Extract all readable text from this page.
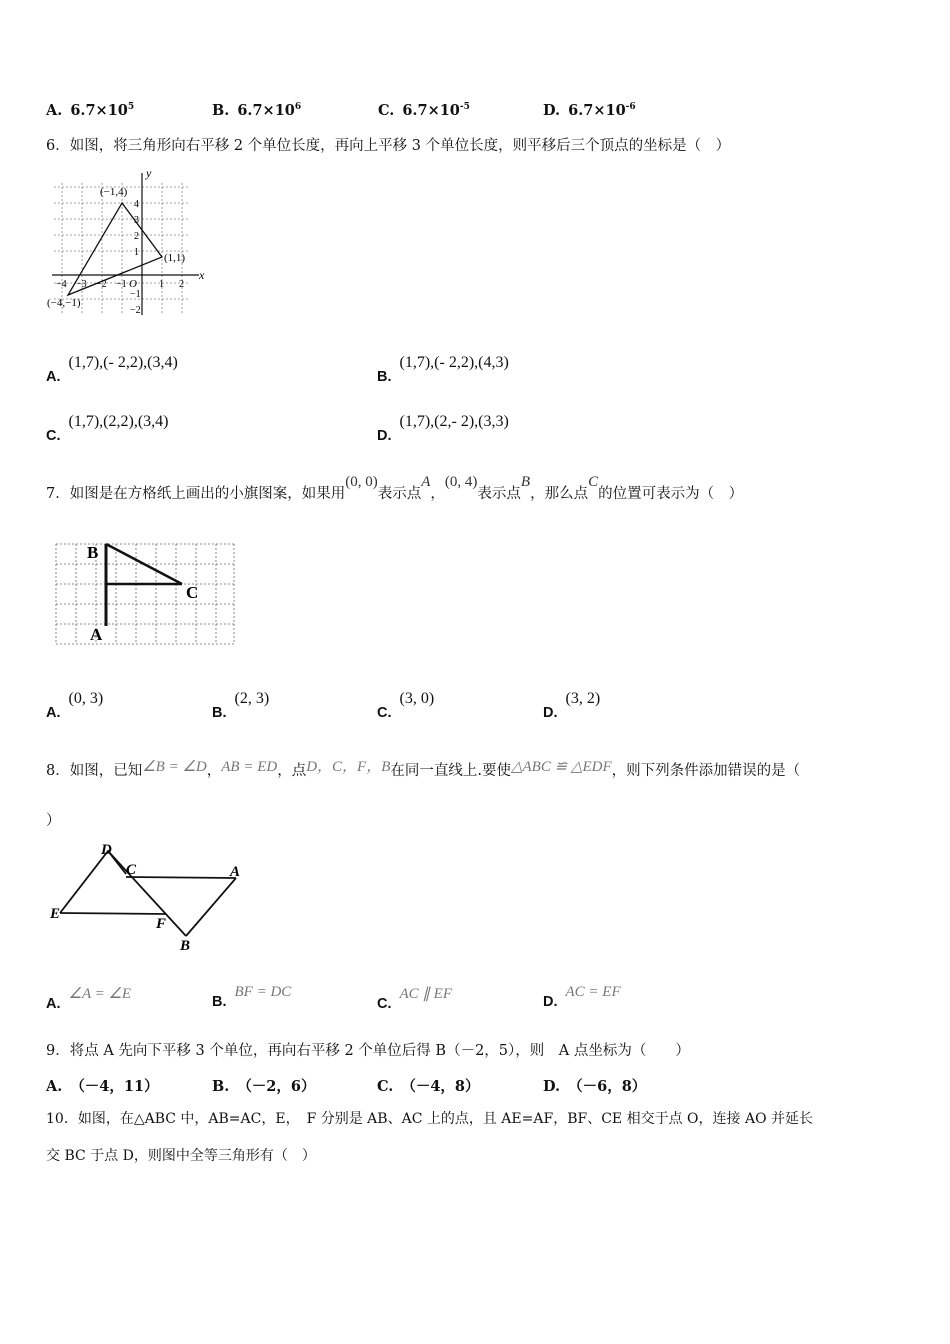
A. $6.7\times 10^5$	B. $6.7\times 10^6$	C. $6.7\times 10^{-5}$	D. $6.7\times 10^{-6}$
6．如图，将三角形向右平移 2 个单位长度，再向上平移 3 个单位长度，则平移后三个顶点的坐标是（　）
y
x
O
(−1,4)
(1,1)
(−4,−1)
−4 −3 −2 −1	1 2
4
3
2
1
−1
−2
A.(1,7),(- 2,2),(3,4)
B.(1,7),(- 2,2),(4,3)
C.(1,7),(2,2),(3,4)
D.(1,7),(2,- 2),(3,3)
7．如图是在方格纸上画出的小旗图案，如果用(0, 0)表示点A，(0, 4)表示点B，那么点C的位置可表示为（　）
B
C
A
A.(0, 3)
B.(2, 3)
C.(3, 0)
D.(3, 2)
8．如图，已知∠B = ∠D，AB = ED，点D，C，F，B在同一直线上.要使△ABC ≌ △EDF，则下列条件添加错误的是（
）
D
C	A
E
F
B
A.∠A = ∠E	B.BF = DC
C.AC ∥ EF	D.AC = EF
9．将点 A 先向下平移 3 个单位，再向右平移 2 个单位后得 B（－2，5），则　A 点坐标为（　　）
A. （－4，11）	B. （－2，6）	C. （－4，8）	D. （－6，8）
10．如图，在△ABC 中，AB=AC，E，　F 分别是 AB、AC 上的点，且 AE=AF，BF、CE 相交于点 O，连接 AO 并延长
交 BC 于点 D，则图中全等三角形有（　）
